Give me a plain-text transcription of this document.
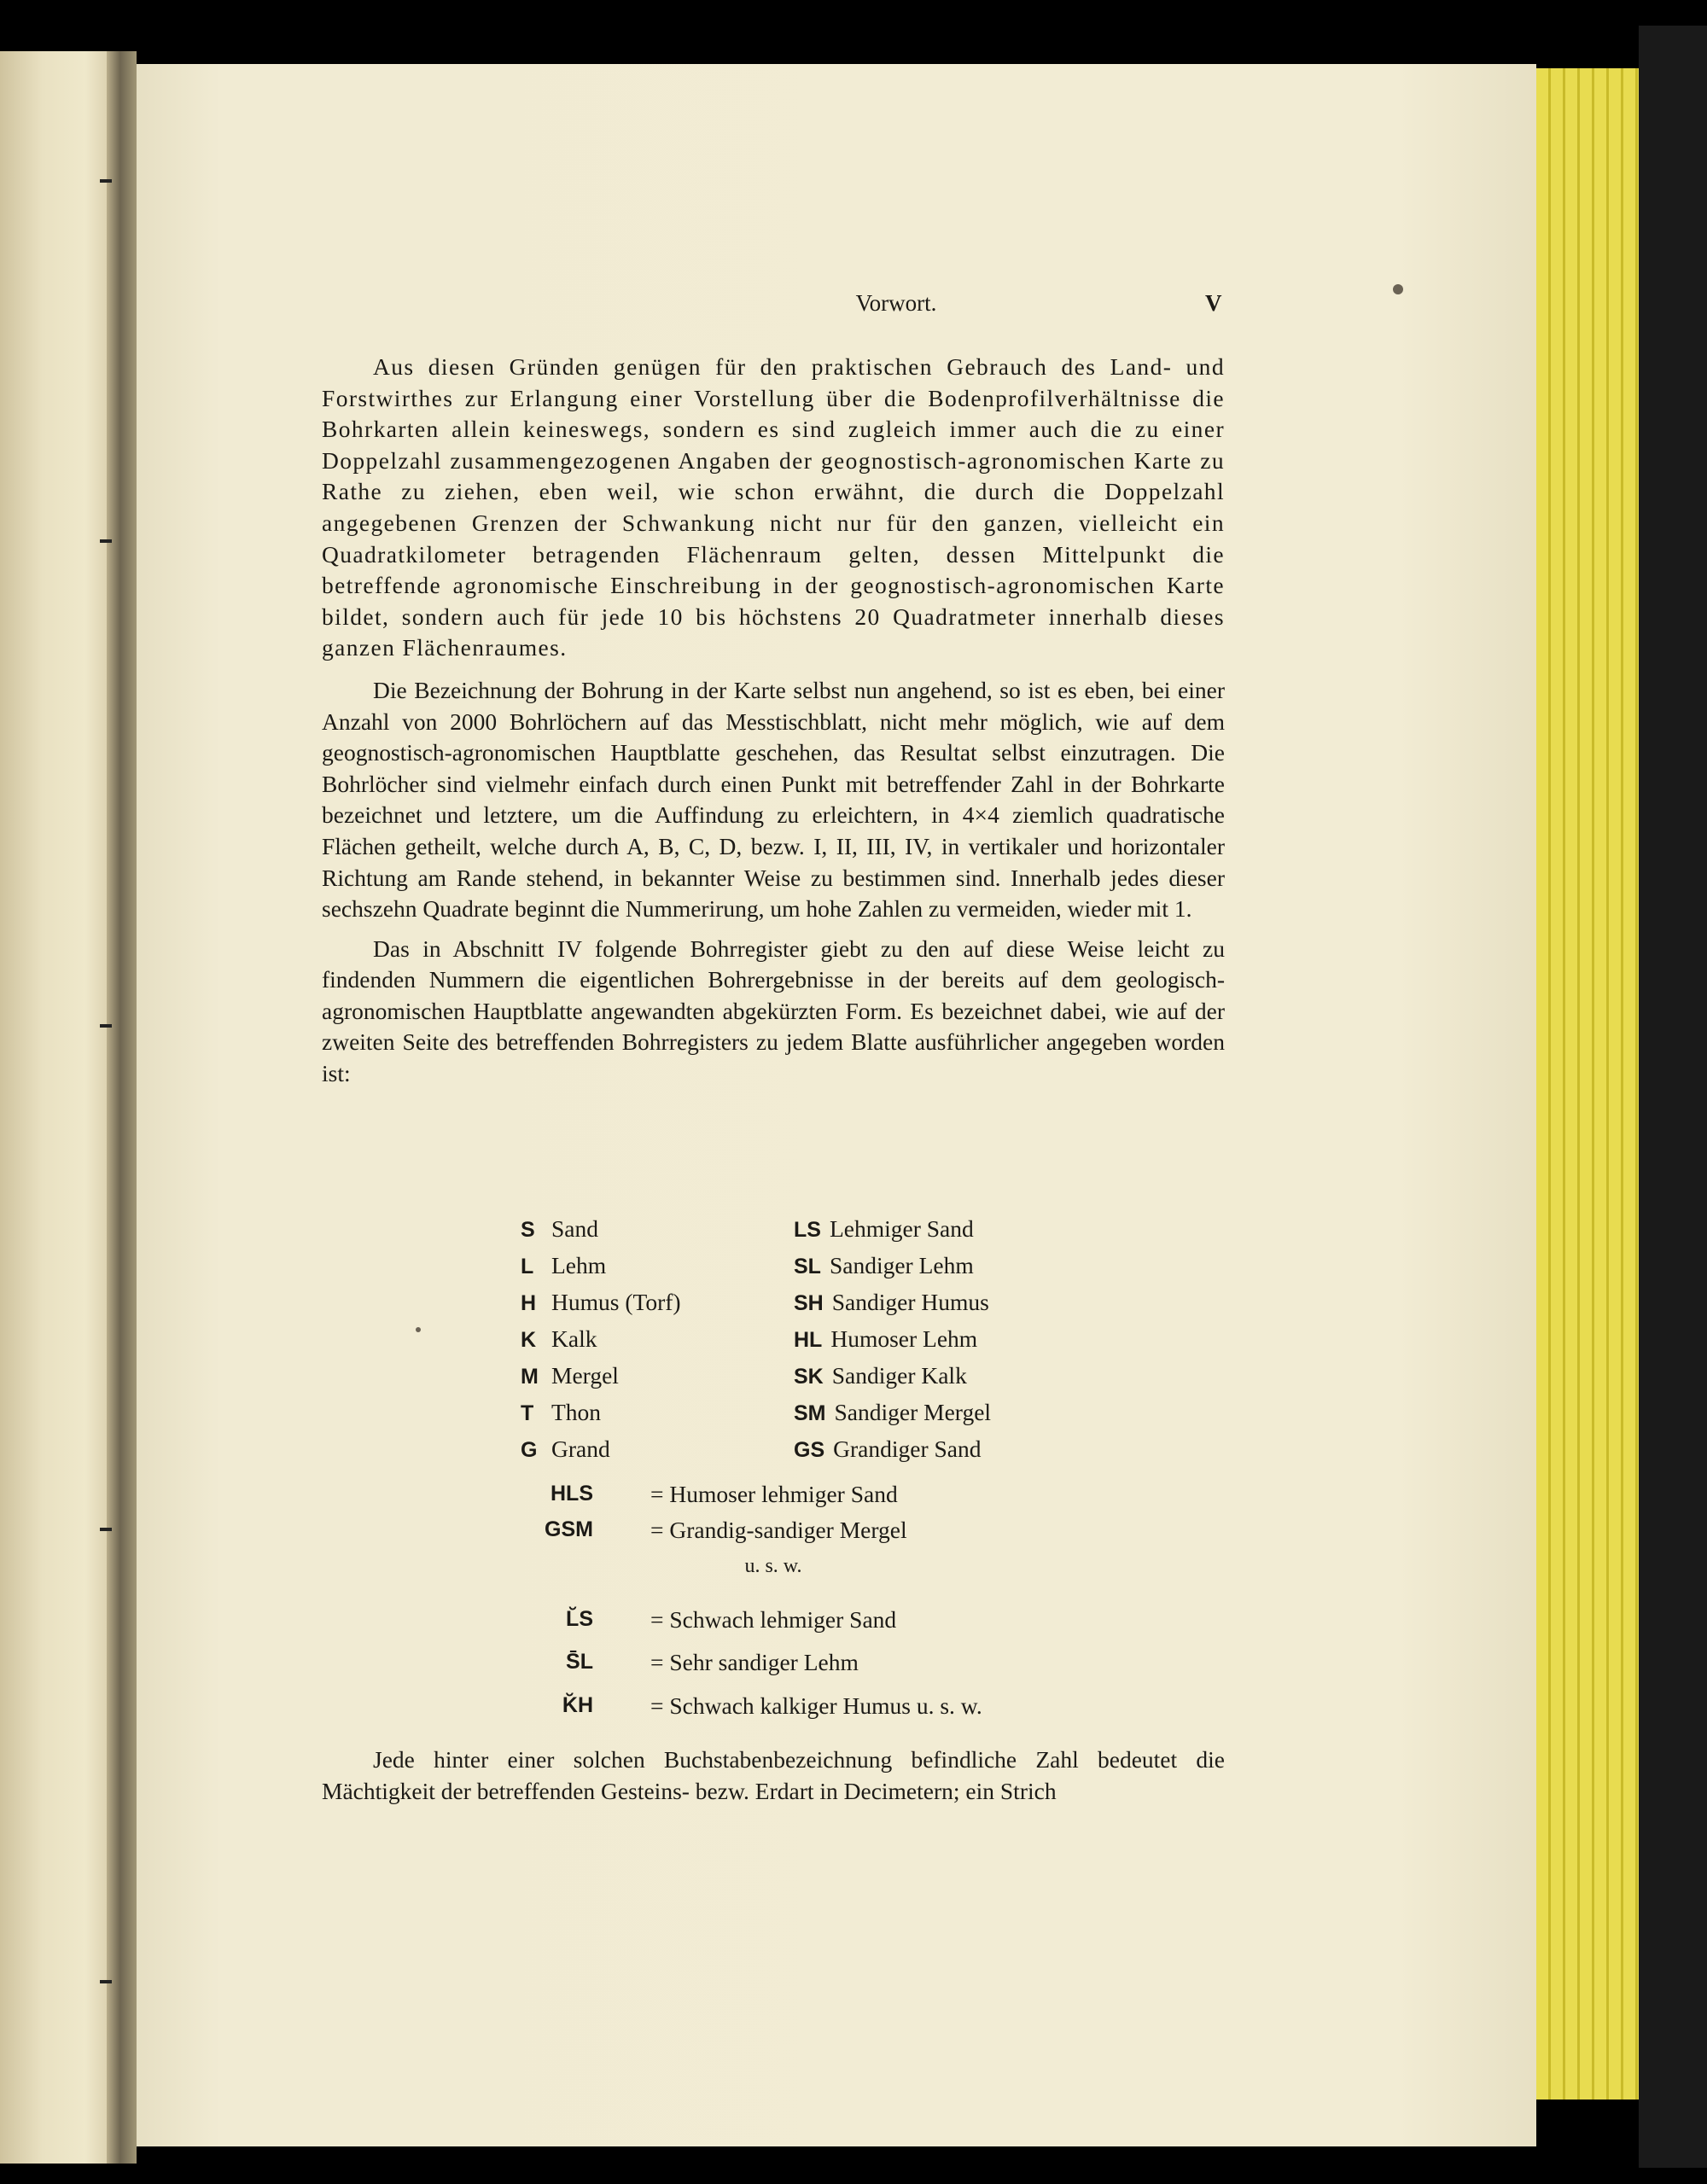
Vorwort.	V

Aus diesen Gründen genügen für den praktischen Gebrauch des Land- und Forstwirthes zur Erlangung einer Vorstellung über die Bodenprofilverhältnisse die Bohrkarten allein keineswegs, sondern es sind zugleich immer auch die zu einer Doppelzahl zusammengezogenen Angaben der geognostisch-agronomischen Karte zu Rathe zu ziehen, eben weil, wie schon erwähnt, die durch die Doppelzahl angegebenen Grenzen der Schwankung nicht nur für den ganzen, vielleicht ein Quadratkilometer betragenden Flächenraum gelten, dessen Mittelpunkt die betreffende agronomische Einschreibung in der geognostisch-agronomischen Karte bildet, sondern auch für jede 10 bis höchstens 20 Quadratmeter innerhalb dieses ganzen Flächenraumes.

Die Bezeichnung der Bohrung in der Karte selbst nun angehend, so ist es eben, bei einer Anzahl von 2000 Bohrlöchern auf das Messtischblatt, nicht mehr möglich, wie auf dem geognostisch-agronomischen Hauptblatte geschehen, das Resultat selbst einzutragen. Die Bohrlöcher sind vielmehr einfach durch einen Punkt mit betreffender Zahl in der Bohrkarte bezeichnet und letztere, um die Auffindung zu erleichtern, in 4×4 ziemlich quadratische Flächen getheilt, welche durch A, B, C, D, bezw. I, II, III, IV, in vertikaler und horizontaler Richtung am Rande stehend, in bekannter Weise zu bestimmen sind. Innerhalb jedes dieser sechszehn Quadrate beginnt die Nummerirung, um hohe Zahlen zu vermeiden, wieder mit 1.

Das in Abschnitt IV folgende Bohrregister giebt zu den auf diese Weise leicht zu findenden Nummern die eigentlichen Bohrergebnisse in der bereits auf dem geologisch-agronomischen Hauptblatte angewandten abgekürzten Form. Es bezeichnet dabei, wie auf der zweiten Seite des betreffenden Bohrregisters zu jedem Blatte ausführlicher angegeben worden ist:

S Sand
L Lehm
H Humus (Torf)
K Kalk
M Mergel
T Thon
G Grand
LS Lehmiger Sand
SL Sandiger Lehm
SH Sandiger Humus
HL Humoser Lehm
SK Sandiger Kalk
SM Sandiger Mergel
GS Grandiger Sand
HLS = Humoser lehmiger Sand
GSM = Grandig-sandiger Mergel
u. s. w.
L̆S = Schwach lehmiger Sand
S̄L = Sehr sandiger Lehm
K̆H = Schwach kalkiger Humus u. s. w.

Jede hinter einer solchen Buchstabenbezeichnung befindliche Zahl bedeutet die Mächtigkeit der betreffenden Gesteins- bezw. Erdart in Decimetern; ein Strich
